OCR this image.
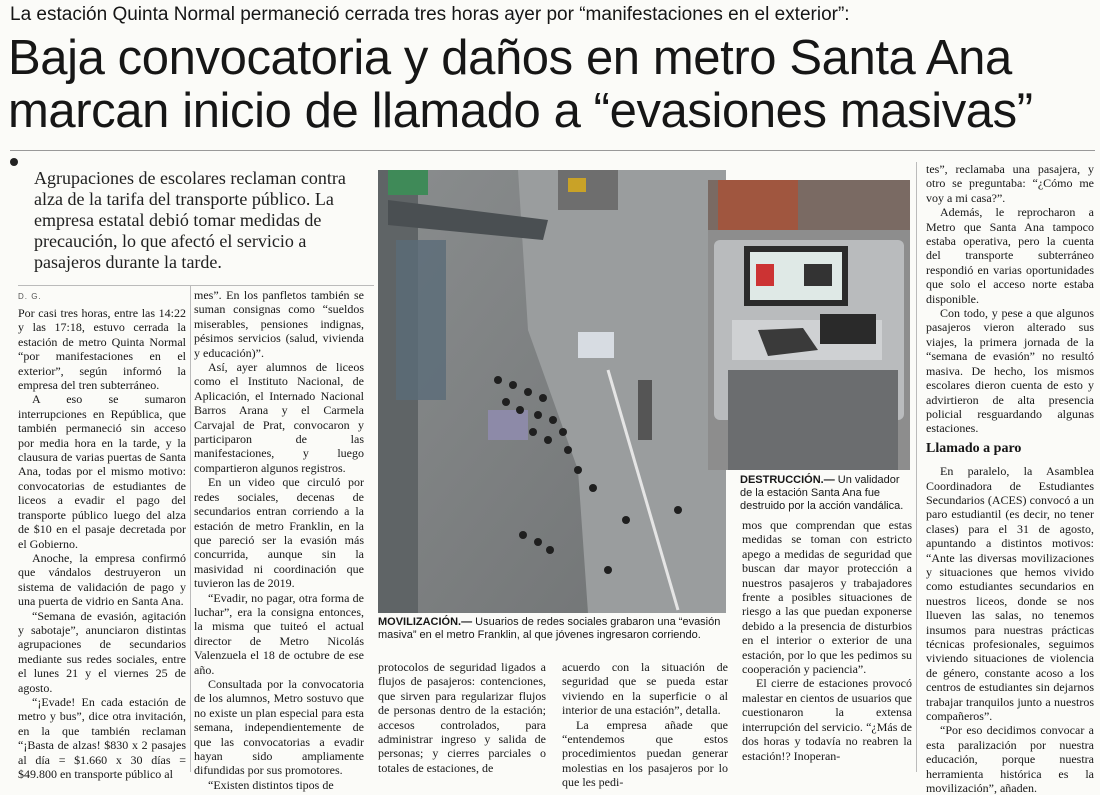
La estación Quinta Normal permaneció cerrada tres horas ayer por “manifestaciones en el exterior”:
Baja convocatoria y daños en metro Santa Ana
marcan inicio de llamado a “evasiones masivas”
Agrupaciones de escolares reclaman contra alza de la tarifa del transporte público. La empresa estatal debió tomar medidas de precaución, lo que afectó el servicio a pasajeros durante la tarde.
D. G.

Por casi tres horas, entre las 14:22 y las 17:18, estuvo cerrada la estación de metro Quinta Normal “por manifestaciones en el exterior”, según informó la empresa del tren subterráneo.

A eso se sumaron interrupciones en República, que también permaneció sin acceso por media hora en la tarde, y la clausura de varias puertas de Santa Ana, todas por el mismo motivo: convocatorias de estudiantes de liceos a evadir el pago del transporte público luego del alza de $10 en el pasaje decretada por el Gobierno.

Anoche, la empresa confirmó que vándalos destruyeron un sistema de validación de pago y una puerta de vidrio en Santa Ana.

“Semana de evasión, agitación y sabotaje”, anunciaron distintas agrupaciones de secundarios mediante sus redes sociales, entre el lunes 21 y el viernes 25 de agosto.

“¡Evade! En cada estación de metro y bus”, dice otra invitación, en la que también reclaman “¡Basta de alzas! $830 x 2 pasajes al día = $1.660 x 30 días = $49.800 en transporte público al

mes”. En los panfletos también se suman consignas como “sueldos miserables, pensiones indignas, pésimos servicios (salud, vivienda y educación)”.

Así, ayer alumnos de liceos como el Instituto Nacional, de Aplicación, el Internado Nacional Barros Arana y el Carmela Carvajal de Prat, convocaron y participaron de las manifestaciones, y luego compartieron algunos registros.

En un video que circuló por redes sociales, decenas de secundarios entran corriendo a la estación de metro Franklin, en la que pareció ser la evasión más concurrida, aunque sin la masividad ni coordinación que tuvieron las de 2019.

“Evadir, no pagar, otra forma de luchar”, era la consigna entonces, la misma que tuiteó el actual director de Metro Nicolás Valenzuela el 18 de octubre de ese año.

Consultada por la convocatoria de los alumnos, Metro sostuvo que no existe un plan especial para esta semana, independientemente de que las convocatorias a evadir hayan sido ampliamente difundidas por sus promotores.

“Existen distintos tipos de

MOVILIZACIÓN.— Usuarios de redes sociales grabaron una “evasión masiva” en el metro Franklin, al que jóvenes ingresaron corriendo.
DESTRUCCIÓN.— Un validador de la estación Santa Ana fue destruido por la acción vandálica.

protocolos de seguridad ligados a flujos de pasajeros: contenciones, que sirven para regularizar flujos de personas dentro de la estación; accesos controlados, para administrar ingreso y salida de personas; y cierres parciales o totales de estaciones, de

acuerdo con la situación de seguridad que se pueda estar viviendo en la superficie o al interior de una estación”, detalla.

La empresa añade que “entendemos que estos procedimientos puedan generar molestias en los pasajeros por lo que les pedi-

mos que comprendan que estas medidas se toman con estricto apego a medidas de seguridad que buscan dar mayor protección a nuestros pasajeros y trabajadores frente a posibles situaciones de riesgo a las que puedan exponerse debido a la presencia de disturbios en el interior o exterior de una estación, por lo que les pedimos su cooperación y paciencia”.

El cierre de estaciones provocó malestar en cientos de usuarios que cuestionaron la extensa interrupción del servicio. “¿Más de dos horas y todavía no reabren la estación!? Inoperan-

tes”, reclamaba una pasajera, y otro se preguntaba: “¿Cómo me voy a mi casa?”.

Además, le reprocharon a Metro que Santa Ana tampoco estaba operativa, pero la cuenta del transporte subterráneo respondió en varias oportunidades que solo el acceso norte estaba disponible.

Con todo, y pese a que algunos pasajeros vieron alterado sus viajes, la primera jornada de la “semana de evasión” no resultó masiva. De hecho, los mismos escolares dieron cuenta de esto y advirtieron de alta presencia policial resguardando algunas estaciones.

Llamado a paro

En paralelo, la Asamblea Coordinadora de Estudiantes Secundarios (ACES) convocó a un paro estudiantil (es decir, no tener clases) para el 31 de agosto, apuntando a distintos motivos: “Ante las diversas movilizaciones y situaciones que hemos vivido como estudiantes secundarios en nuestros liceos, donde se nos llueven las salas, no tenemos insumos para nuestras prácticas técnicas profesionales, seguimos viviendo situaciones de violencia de género, constante acoso a los centros de estudiantes sin dejarnos trabajar tranquilos junto a nuestros compañeros”.

“Por eso decidimos convocar a esta paralización por nuestra educación, porque nuestra herramienta histórica es la movilización”, añaden.
